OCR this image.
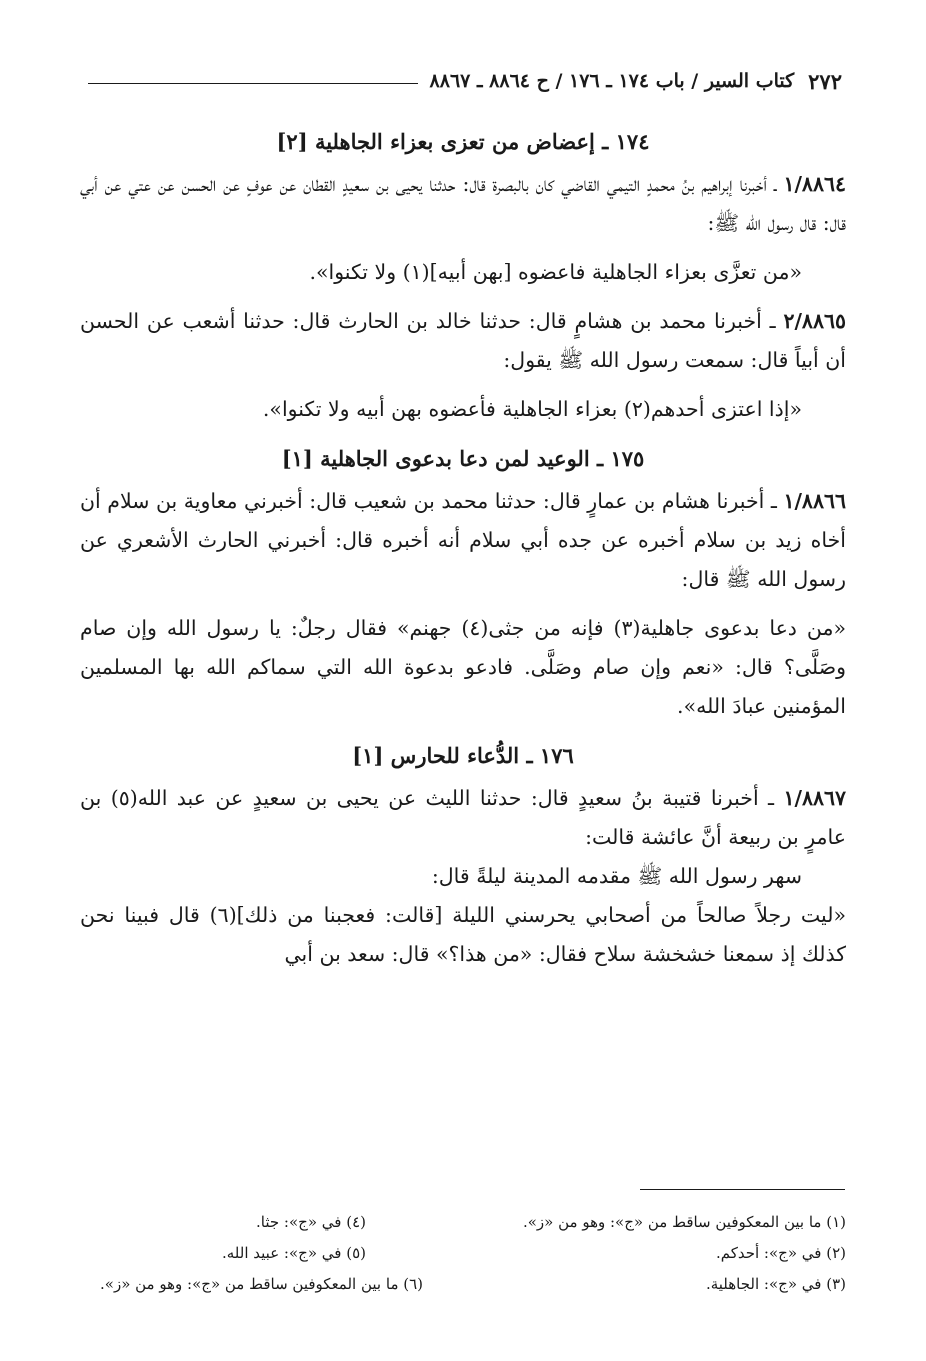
٢٧٢
كتاب السير / باب ١٧٤ ـ ١٧٦ / ح ٨٨٦٤ ـ ٨٨٦٧

١٧٤ ـ إعضاض من تعزى بعزاء الجاهلية [٢]

١/٨٨٦٤ ـ أخبرنا إبراهيم بنُ محمدٍ التيمي القاضي كان بالبصرة قال: حدثنا يحيى بن سعيدٍ القطان عن عوفٍ عن الحسن عن عتي عن أبي قال: قال رسول الله ﷺ:

«من تعزَّى بعزاء الجاهلية فاعضوه [بهن أبيه](١) ولا تكنوا».

٢/٨٨٦٥ ـ أخبرنا محمد بن هشامٍ قال: حدثنا خالد بن الحارث قال: حدثنا أشعب عن الحسن أن أبياً قال: سمعت رسول الله ﷺ يقول:

«إذا اعتزى أحدهم(٢) بعزاء الجاهلية فأعضوه بهن أبيه ولا تكنوا».

١٧٥ ـ الوعيد لمن دعا بدعوى الجاهلية [١]

١/٨٨٦٦ ـ أخبرنا هشام بن عمارٍ قال: حدثنا محمد بن شعيب قال: أخبرني معاوية بن سلام أن أخاه زيد بن سلام أخبره عن جده أبي سلام أنه أخبره قال: أخبرني الحارث الأشعري عن رسول الله ﷺ قال:

«من دعا بدعوى جاهلية(٣) فإنه من جثى(٤) جهنم» فقال رجلٌ: يا رسول الله وإن صام وصَلَّى؟ قال: «نعم وإن صام وصَلَّى. فادعو بدعوة الله التي سماكم الله بها المسلمين المؤمنين عبادَ الله».

١٧٦ ـ الدُّعاء للحارس [١]

١/٨٨٦٧ ـ أخبرنا قتيبة بنُ سعيدٍ قال: حدثنا الليث عن يحيى بن سعيدٍ عن عبد الله(٥) بن عامرٍ بن ربيعة أنَّ عائشة قالت:

سهر رسول الله ﷺ مقدمه المدينة ليلةً قال:

«ليت رجلاً صالحاً من أصحابي يحرسني الليلة [قالت: فعجبنا من ذلك](٦) قال فبينا نحن كذلك إذ سمعنا خشخشة سلاح فقال: «من هذا؟» قال: سعد بن أبي

(١) ما بين المعكوفين ساقط من «ج»: وهو من «ز».
(٤) في «ج»: جثا.
(٢) في «ج»: أحدكم.
(٥) في «ج»: عبيد الله.
(٣) في «ج»: الجاهلية.
(٦) ما بين المعكوفين ساقط من «ج»: وهو من «ز».
